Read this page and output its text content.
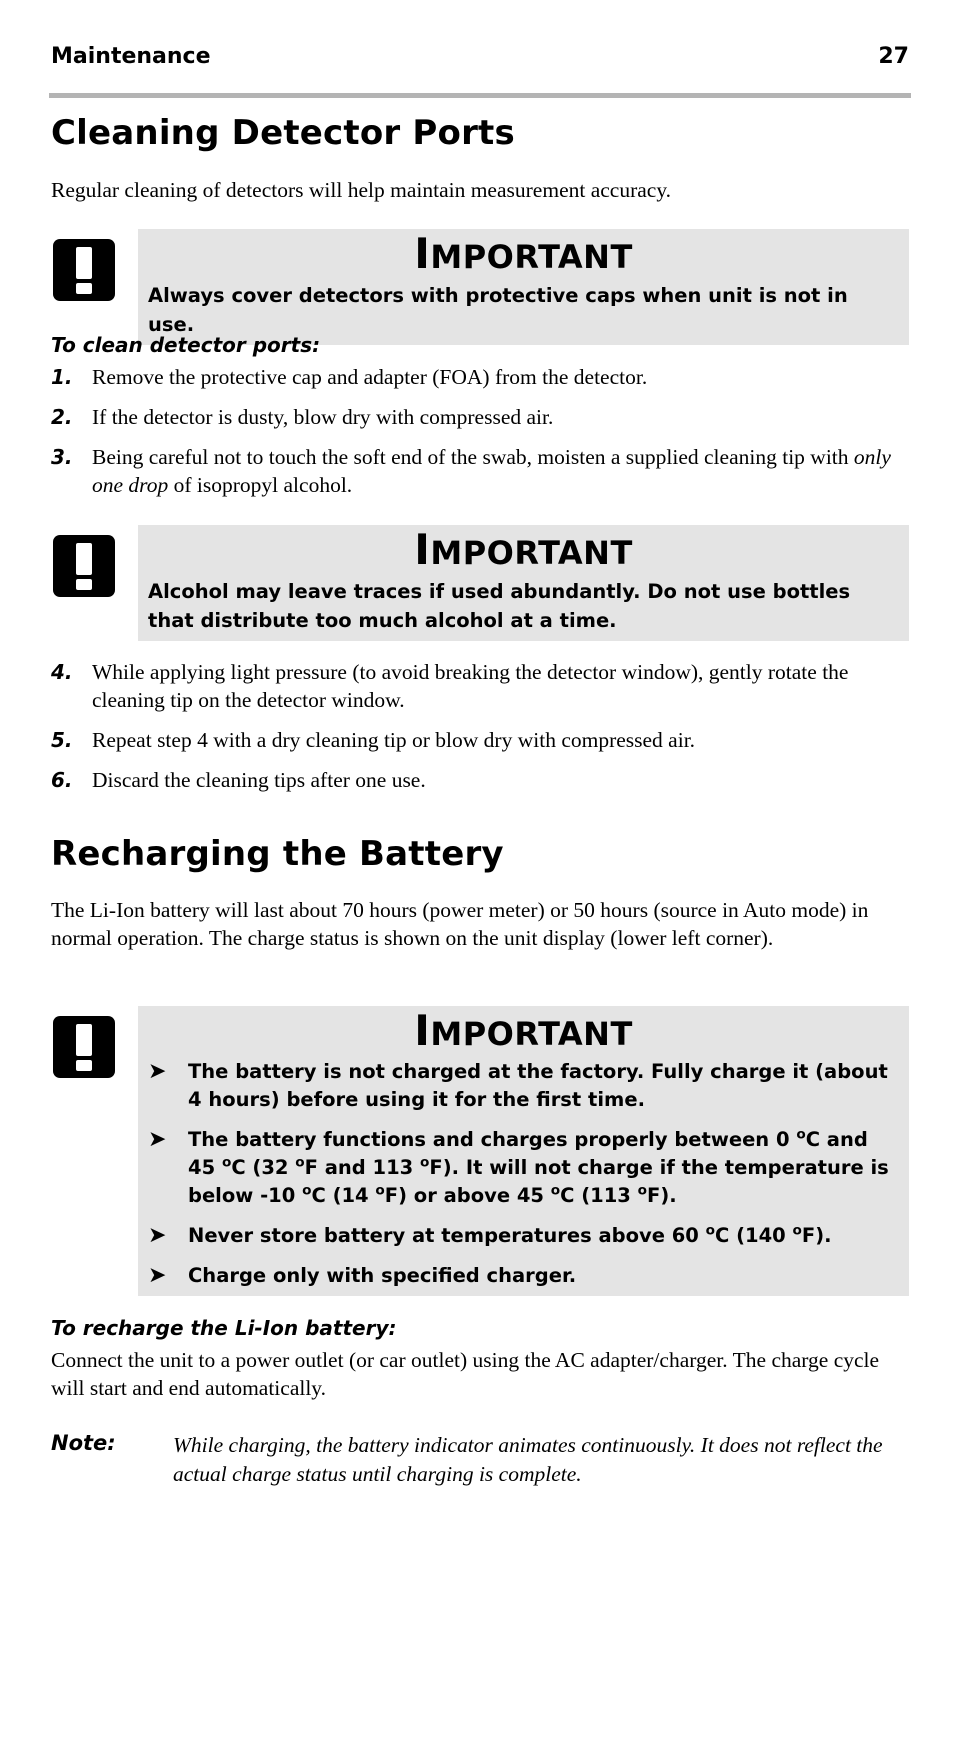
Maintenance	27
Cleaning Detector Ports
Regular cleaning of detectors will help maintain measurement accuracy.
IMPORTANT
Always cover detectors with protective caps when unit is not in use.
To clean detector ports:
1. Remove the protective cap and adapter (FOA) from the detector.
2. If the detector is dusty, blow dry with compressed air.
3. Being careful not to touch the soft end of the swab, moisten a supplied cleaning tip with only one drop of isopropyl alcohol.
IMPORTANT
Alcohol may leave traces if used abundantly. Do not use bottles that distribute too much alcohol at a time.
4. While applying light pressure (to avoid breaking the detector window), gently rotate the cleaning tip on the detector window.
5. Repeat step 4 with a dry cleaning tip or blow dry with compressed air.
6. Discard the cleaning tips after one use.
Recharging the Battery
The Li-Ion battery will last about 70 hours (power meter) or 50 hours (source in Auto mode) in normal operation. The charge status is shown on the unit display (lower left corner).
IMPORTANT
➤ The battery is not charged at the factory. Fully charge it (about 4 hours) before using it for the first time.
➤ The battery functions and charges properly between 0 $^o$C and 45 $^o$C (32 $^o$F and 113 $^o$F). It will not charge if the temperature is below -10 $^o$C (14 $^o$F) or above 45 $^o$C (113 $^o$F).
➤ Never store battery at temperatures above 60 $^o$C (140 $^o$F).
➤ Charge only with specified charger.
To recharge the Li-Ion battery:
Connect the unit to a power outlet (or car outlet) using the AC adapter/charger. The charge cycle will start and end automatically.
Note:	While charging, the battery indicator animates continuously. It does not reflect the actual charge status until charging is complete.
